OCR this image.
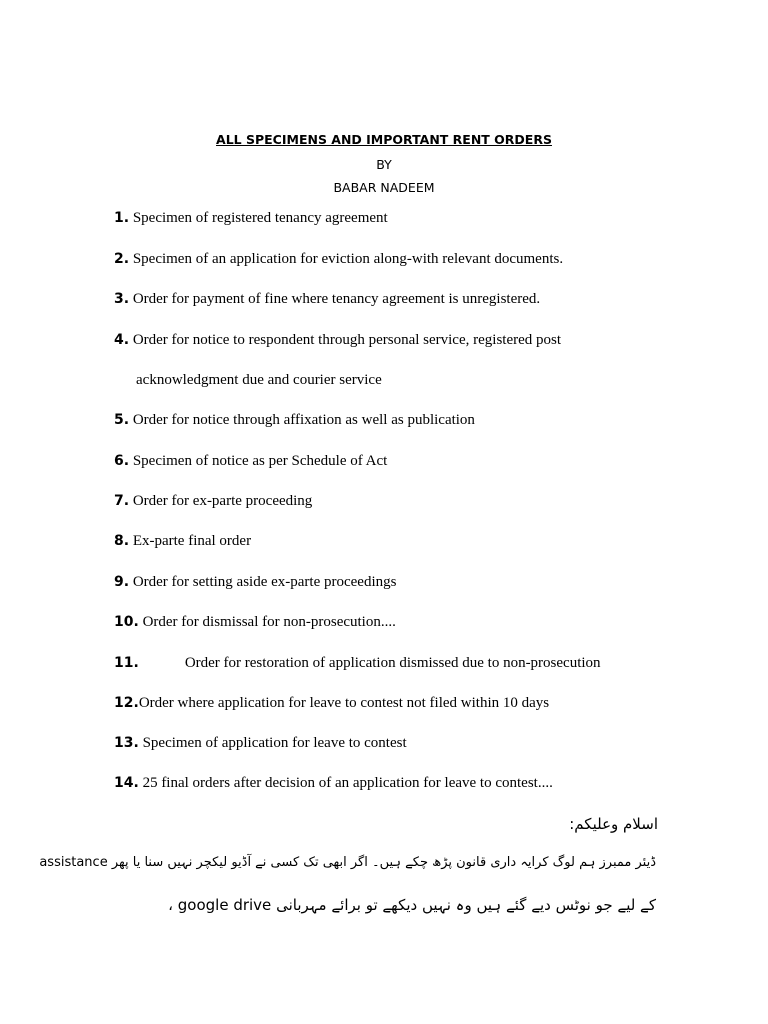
ALL SPECIMENS AND IMPORTANT RENT ORDERS
BY
BABAR NADEEM
1. Specimen of registered tenancy agreement
2. Specimen of an application for eviction along-with relevant documents.
3. Order for payment of fine where tenancy agreement is unregistered.
4. Order for notice to respondent through personal service, registered post
acknowledgment due and courier service
5. Order for notice through affixation as well as publication
6. Specimen of notice as per Schedule of Act
7. Order for ex-parte proceeding
8. Ex-parte final order
9. Order for setting aside ex-parte proceedings
10. Order for dismissal for non-prosecution....
11.	Order for restoration of application dismissed due to non-prosecution
12.Order where application for leave to contest not filed within 10 days
13. Specimen of application for leave to contest
14. 25 final orders after decision of an application for leave to contest....
اسلام وعلیکم:
ڈیئر ممبرز ہم لوگ کرایہ داری قانون پڑھ چکے ہیں۔ اگر ابھی تک کسی نے آڈیو لیکچر نہیں سنا یا پھر assistance
کے لیے جو نوٹس دیے گئے ہیں وہ نہیں دیکھے تو برائے مہربانی google drive ،
